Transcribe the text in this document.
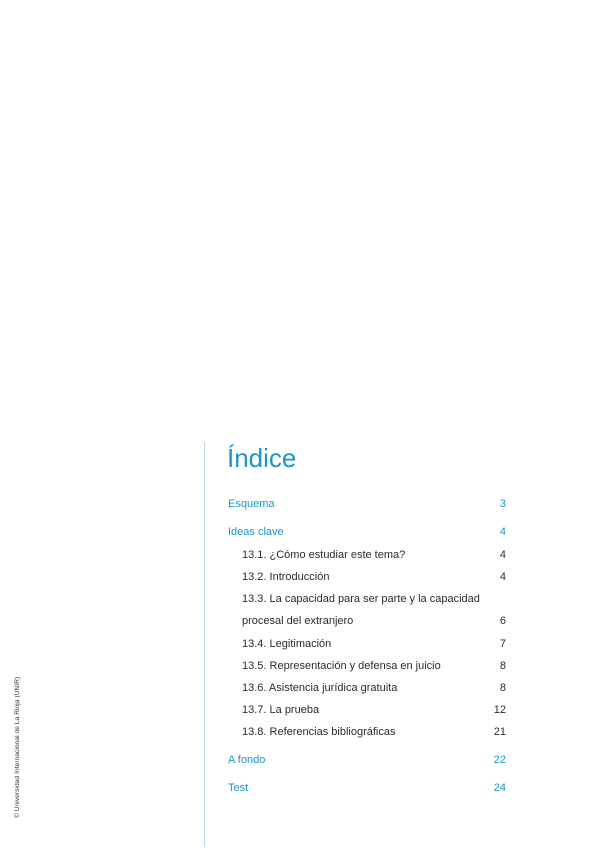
© Universidad Internacional de La Rioja (UNIR)
Índice
Esquema	3
Ideas clave	4
13.1. ¿Cómo estudiar este tema?	4
13.2. Introducción	4
13.3. La capacidad para ser parte y la capacidad
procesal del extranjero	6
13.4. Legitimación	7
13.5. Representación y defensa en juicio	8
13.6. Asistencia jurídica gratuita	8
13.7. La prueba	12
13.8. Referencias bibliográficas	21
A fondo	22
Test	24
